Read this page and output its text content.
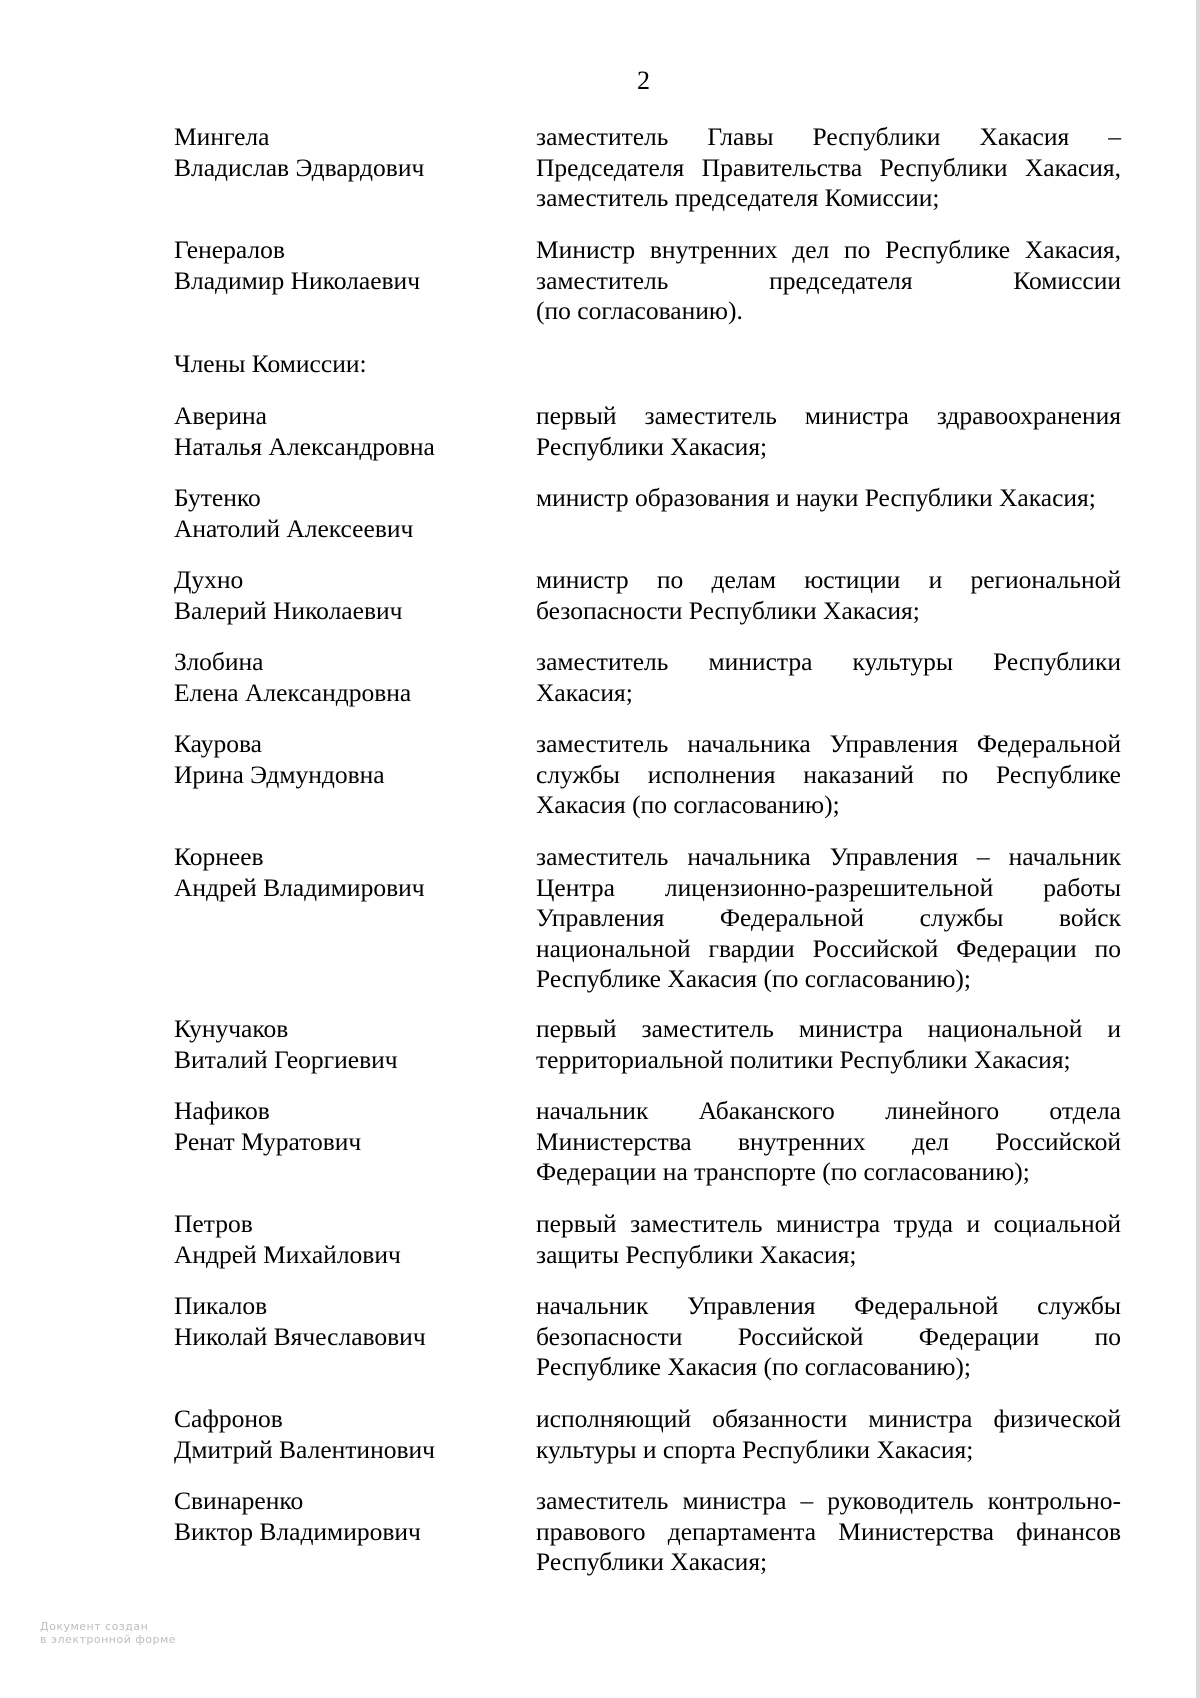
2
Мингела
Владислав Эдвардович
заместитель Главы Республики Хакасия –
Председателя Правительства Республики Хакасия,
заместитель председателя Комиссии;
Генералов
Владимир Николаевич
Министр внутренних дел по Республике Хакасия,
заместитель председателя Комиссии
(по согласованию).
Члены Комиссии:
Аверина
Наталья Александровна
первый заместитель министра здравоохранения
Республики Хакасия;
Бутенко
Анатолий Алексеевич
министр образования и науки Республики Хакасия;
Духно
Валерий Николаевич
министр по делам юстиции и региональной
безопасности Республики Хакасия;
Злобина
Елена Александровна
заместитель министра культуры Республики
Хакасия;
Каурова
Ирина Эдмундовна
заместитель начальника Управления Федеральной
службы исполнения наказаний по Республике
Хакасия (по согласованию);
Корнеев
Андрей Владимирович
заместитель начальника Управления – начальник
Центра лицензионно-разрешительной работы
Управления Федеральной службы войск
национальной гвардии Российской Федерации по
Республике Хакасия (по согласованию);
Кунучаков
Виталий Георгиевич
первый заместитель министра национальной и
территориальной политики Республики Хакасия;
Нафиков
Ренат Муратович
начальник Абаканского линейного отдела
Министерства внутренних дел Российской
Федерации на транспорте (по согласованию);
Петров
Андрей Михайлович
первый заместитель министра труда и социальной
защиты Республики Хакасия;
Пикалов
Николай Вячеславович
начальник Управления Федеральной службы
безопасности Российской Федерации по
Республике Хакасия (по согласованию);
Сафронов
Дмитрий Валентинович
исполняющий обязанности министра физической
культуры и спорта Республики Хакасия;
Свинаренко
Виктор Владимирович
заместитель министра – руководитель контрольно-
правового департамента Министерства финансов
Республики Хакасия;
Документ создан
в электронной форме
